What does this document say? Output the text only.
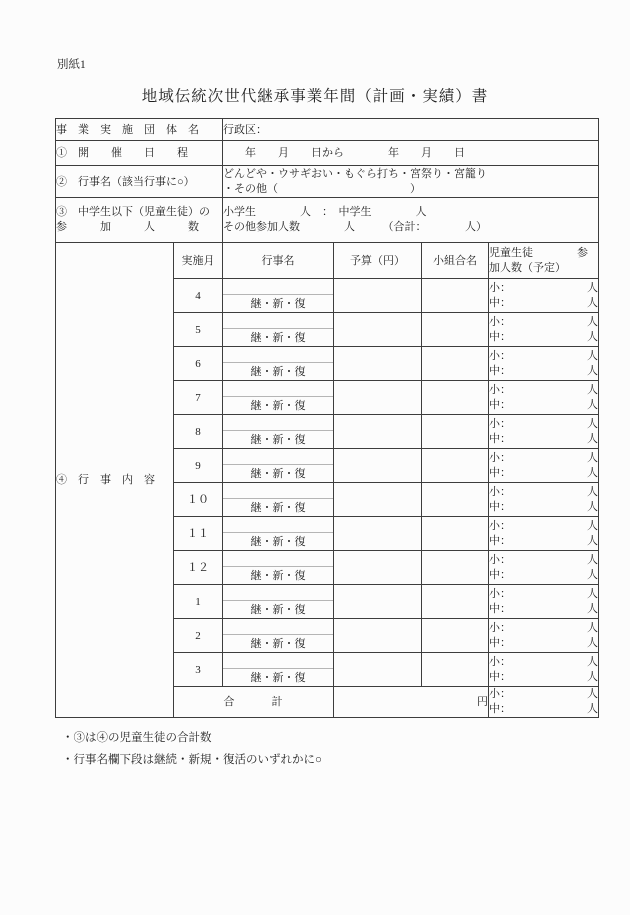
別紙1
地域伝統次世代継承事業年間（計画・実績）書
事　業　実　施　団　体　名		行政区：			
①　開　　催　　日　　程		　　年　　月　　日から　　　　年　　月　　日			
②　行事名（該当行事に○）		どんどや・ウサギおい・もぐら打ち・宮祭り・宮籠り
・その他（　　　　　　　　　　　　）			

③　中学生以下（児童生徒）の
参　　　加　　　人　　　数

小学生　　　　人　：　中学生　　　　人
その他参加人数　　　　人　　　（合計：　　　　人）

④　行　事　内　容	実施月	行事名	予算（円）	小組合名	児童生徒　　　　参
加人数（予定）

	4	継・新・復			小： 人
中： 人

	5	継・新・復			小： 人
中： 人

	6	継・新・復			小： 人
中： 人

	7	継・新・復			小： 人
中： 人

	8	継・新・復			小： 人
中： 人

	9	継・新・復			小： 人
中： 人

	１０	継・新・復			小： 人
中： 人

	１１	継・新・復			小： 人
中： 人

	１２	継・新・復			小： 人
中： 人

	1	継・新・復			小： 人
中： 人

	2	継・新・復			小： 人
中： 人

	3	継・新・復			小： 人
中： 人

	合　　　計		円		小： 人
中： 人
・③は④の児童生徒の合計数
・行事名欄下段は継続・新規・復活のいずれかに○
